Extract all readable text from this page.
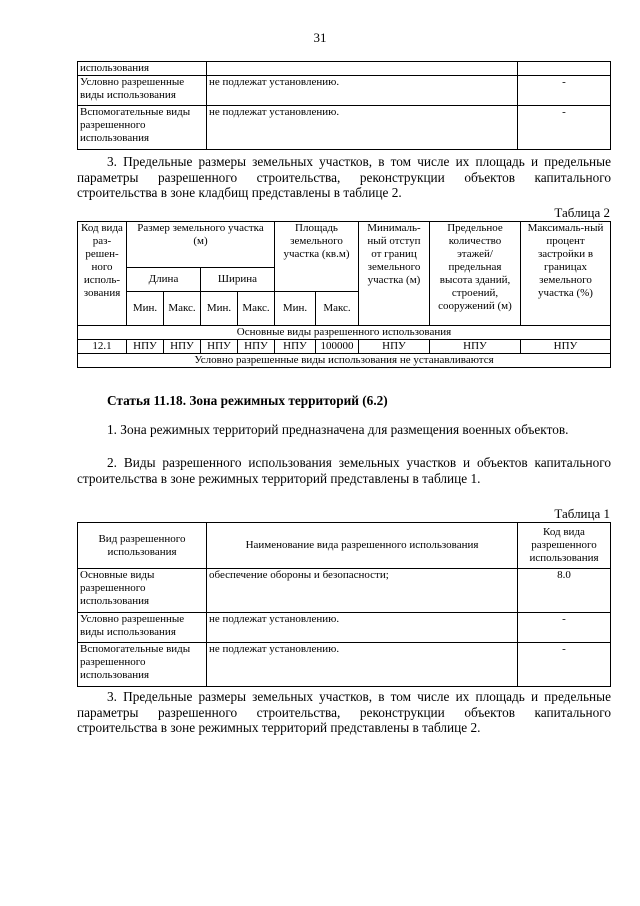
31
использования		
Условно разрешенные виды использования	не подлежат установлению.	-
Вспомогательные виды разрешенного использования	не подлежат установлению.	-
3. Предельные размеры земельных участков, в том числе их площадь и предельные параметры разрешенного строительства, реконструкции объектов капитального строительства в зоне кладбищ представлены в таблице 2.
Таблица 2
Код вида раз-решен-ного исполь-зования	Размер земельного участка (м)				Площадь земельного участка (кв.м)		Минималь-ный отступ от границ земельного участка (м)	Предельное количество этажей/ предельная высота зданий, строений, сооружений (м)	Максималь-ный процент застройки в границах земельного участка (%)
	Длина		Ширина						
	Мин.	Макс.	Мин.	Макс.	Мин.	Макс.			
Основные виды разрешенного использования									
12.1	НПУ	НПУ	НПУ	НПУ	НПУ	100000	НПУ	НПУ	НПУ
Условно разрешенные виды использования не устанавливаются									
Статья 11.18. Зона режимных территорий (6.2)
1. Зона режимных территорий предназначена для размещения военных объектов.
2. Виды разрешенного использования земельных участков и объектов капитального строительства в зоне режимных территорий представлены в таблице 1.
Таблица 1
Вид разрешенного использования	Наименование вида разрешенного использования	Код вида разрешенного использования
Основные виды разрешенного использования	обеспечение обороны и безопасности;	8.0
Условно разрешенные виды использования	не подлежат установлению.	-
Вспомогательные виды разрешенного использования	не подлежат установлению.	-
3. Предельные размеры земельных участков, в том числе их площадь и предельные параметры разрешенного строительства, реконструкции объектов капитального строительства в зоне режимных территорий представлены в таблице 2.
